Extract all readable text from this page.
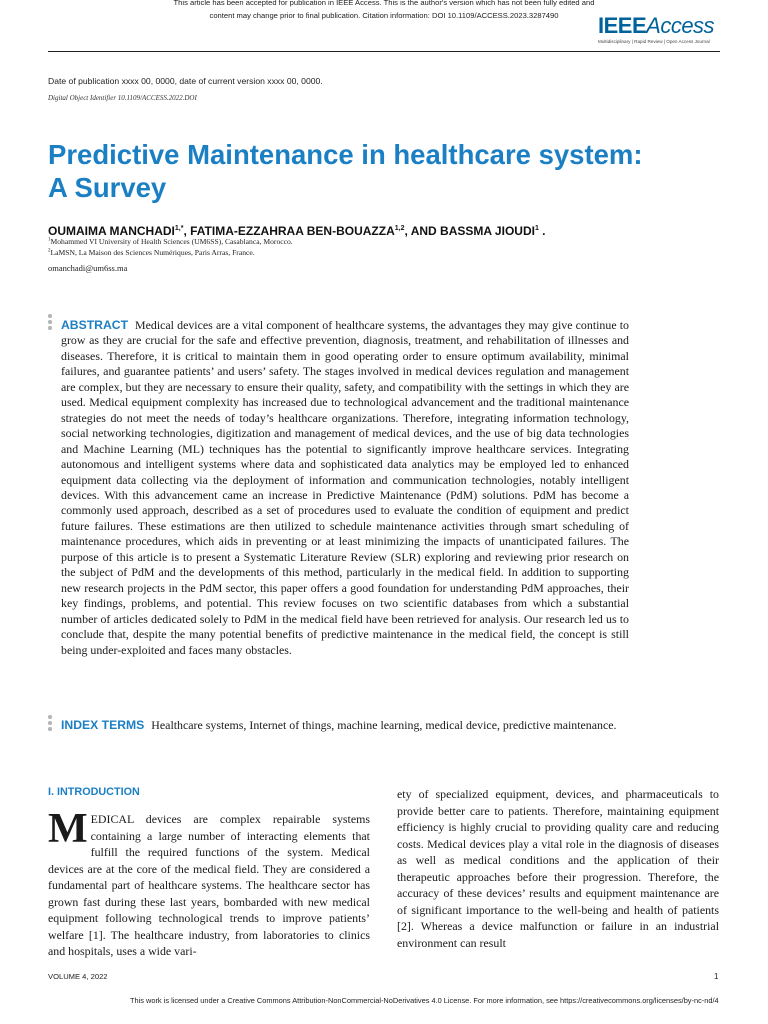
This article has been accepted for publication in IEEE Access. This is the author's version which has not been fully edited and
content may change prior to final publication. Citation information: DOI 10.1109/ACCESS.2023.3287490	IEEEAccess
Multidisciplinary | Rapid Review | Open Access Journal
Date of publication xxxx 00, 0000, date of current version xxxx 00, 0000.
Digital Object Identifier 10.1109/ACCESS.2022.DOI
Predictive Maintenance in healthcare system: A Survey
OUMAIMA $MANCHADI^{1,*}$, FATIMA-EZZAHRAA BEN-BOUAZZA$^{1,2}$, AND BASSMA JIOUDI$^1$ .
$^1$Mohammed VI University of Health Sciences (UM6SS), Casablanca, Morocco.
$^2$LaMSN, La Maison des Sciences Numériques, Paris Arras, France.
omanchadi@um6ss.ma
ABSTRACT Medical devices are a vital component of healthcare systems, the advantages they may give continue to grow as they are crucial for the safe and effective prevention, diagnosis, treatment, and rehabilitation of illnesses and diseases. Therefore, it is critical to maintain them in good operating order to ensure optimum availability, minimal failures, and guarantee patients’ and users’ safety. The stages involved in medical devices regulation and management are complex, but they are necessary to ensure their quality, safety, and compatibility with the settings in which they are used. Medical equipment complexity has increased due to technological advancement and the traditional maintenance strategies do not meet the needs of today’s healthcare organizations. Therefore, integrating information technology, social networking technologies, digitization and management of medical devices, and the use of big data technologies and Machine Learning (ML) techniques has the potential to significantly improve healthcare services. Integrating autonomous and intelligent systems where data and sophisticated data analytics may be employed led to enhanced equipment data collecting via the deployment of information and communication technologies, notably intelligent devices. With this advancement came an increase in Predictive Maintenance (PdM) solutions. PdM has become a commonly used approach, described as a set of procedures used to evaluate the condition of equipment and predict future failures. These estimations are then utilized to schedule maintenance activities through smart scheduling of maintenance procedures, which aids in preventing or at least minimizing the impacts of unanticipated failures. The purpose of this article is to present a Systematic Literature Review (SLR) exploring and reviewing prior research on the subject of PdM and the developments of this method, particularly in the medical field. In addition to supporting new research projects in the PdM sector, this paper offers a good foundation for understanding PdM approaches, their key findings, problems, and potential. This review focuses on two scientific databases from which a substantial number of articles dedicated solely to PdM in the medical field have been retrieved for analysis. Our research led us to conclude that, despite the many potential benefits of predictive maintenance in the medical field, the concept is still being under-exploited and faces many obstacles.
INDEX TERMS Healthcare systems, Internet of things, machine learning, medical device, predictive maintenance.
I. INTRODUCTION
MEDICAL devices are complex repairable systems containing a large number of interacting elements that fulfill the required functions of the system. Medical devices are at the core of the medical field. They are considered a fundamental part of healthcare systems. The healthcare sector has grown fast during these last years, bombarded with new medical equipment following technological trends to improve patients’ welfare [1]. The healthcare industry, from laboratories to clinics and hospitals, uses a wide vari-
ety of specialized equipment, devices, and pharmaceuticals to provide better care to patients. Therefore, maintaining equipment efficiency is highly crucial to providing quality care and reducing costs. Medical devices play a vital role in the diagnosis of diseases as well as medical conditions and the application of their therapeutic approaches before their progression. Therefore, the accuracy of these devices’ results and equipment maintenance are of significant importance to the well-being and health of patients [2]. Whereas a device malfunction or failure in an industrial environment can result
VOLUME 4, 2022	1
This work is licensed under a Creative Commons Attribution-NonCommercial-NoDerivatives 4.0 License. For more information, see https://creativecommons.org/licenses/by-nc-nd/4
